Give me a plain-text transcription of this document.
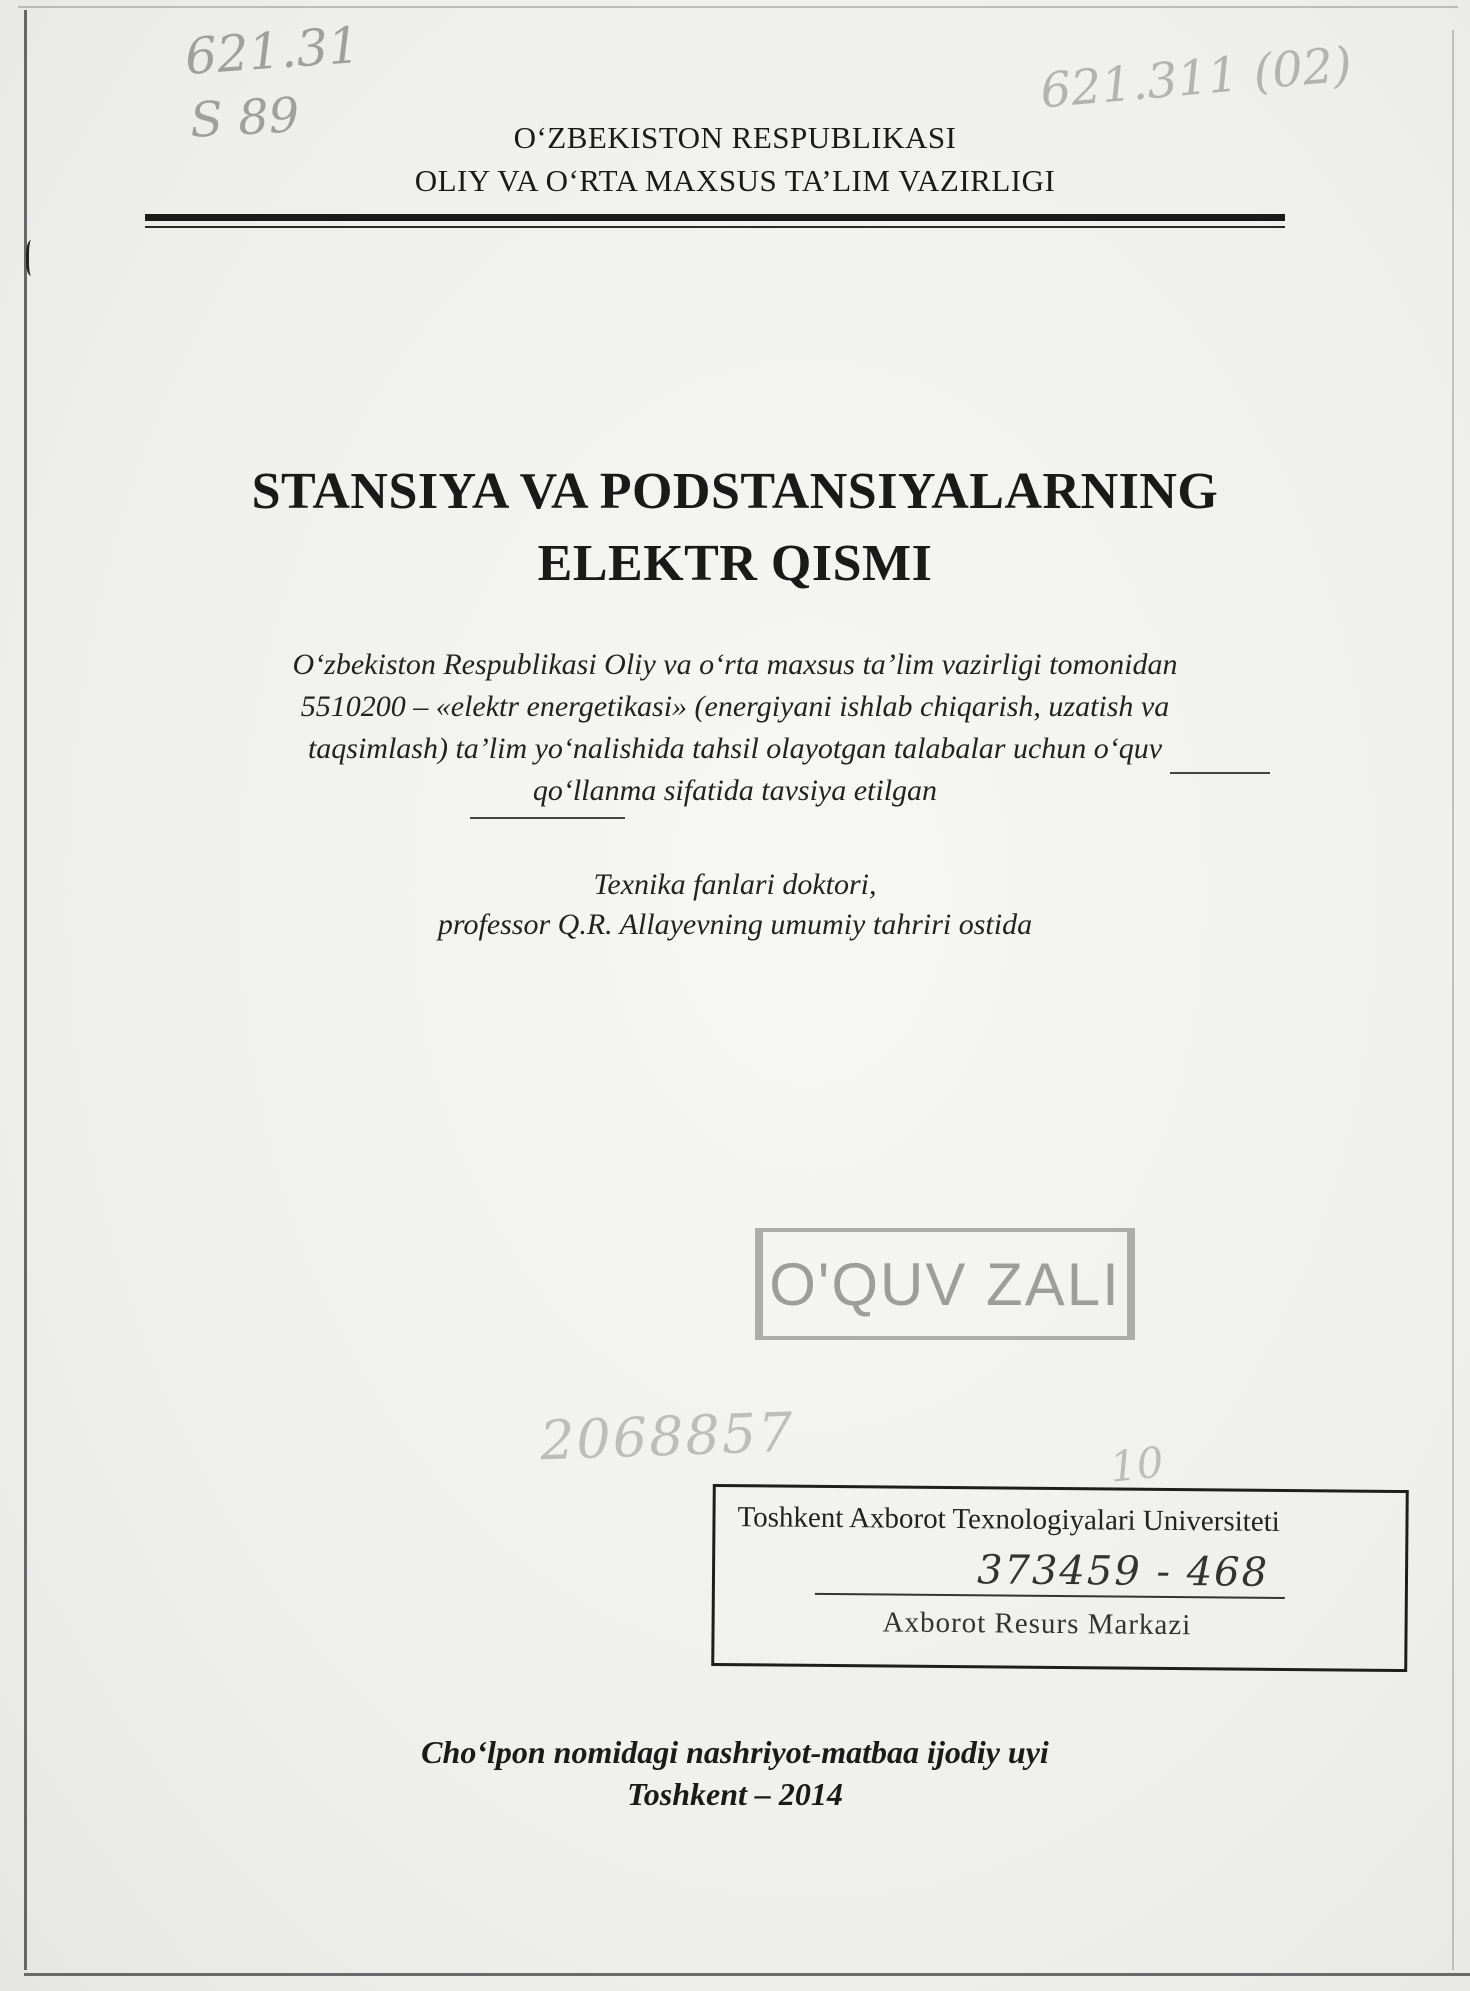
621.31
S 89	621.311 (02)
O‘ZBEKISTON RESPUBLIKASI
OLIY VA O‘RTA MAXSUS TA’LIM VAZIRLIGI
STANSIYA VA PODSTANSIYALARNING
ELEKTR QISMI
O‘zbekiston Respublikasi Oliy va o‘rta maxsus ta’lim vazirligi tomonidan
5510200 – «elektr energetikasi» (energiyani ishlab chiqarish, uzatish va
taqsimlash) ta’lim yo‘nalishida tahsil olayotgan talabalar uchun o‘quv
qo‘llanma sifatida tavsiya etilgan
Texnika fanlari doktori,
professor Q.R. Allayevning umumiy tahriri ostida
O'QUV ZALI
2068857	10
Toshkent Axborot Texnologiyalari Universiteti
373459 - 468
Axborot Resurs Markazi
Cho‘lpon nomidagi nashriyot-matbaa ijodiy uyi
Toshkent – 2014
